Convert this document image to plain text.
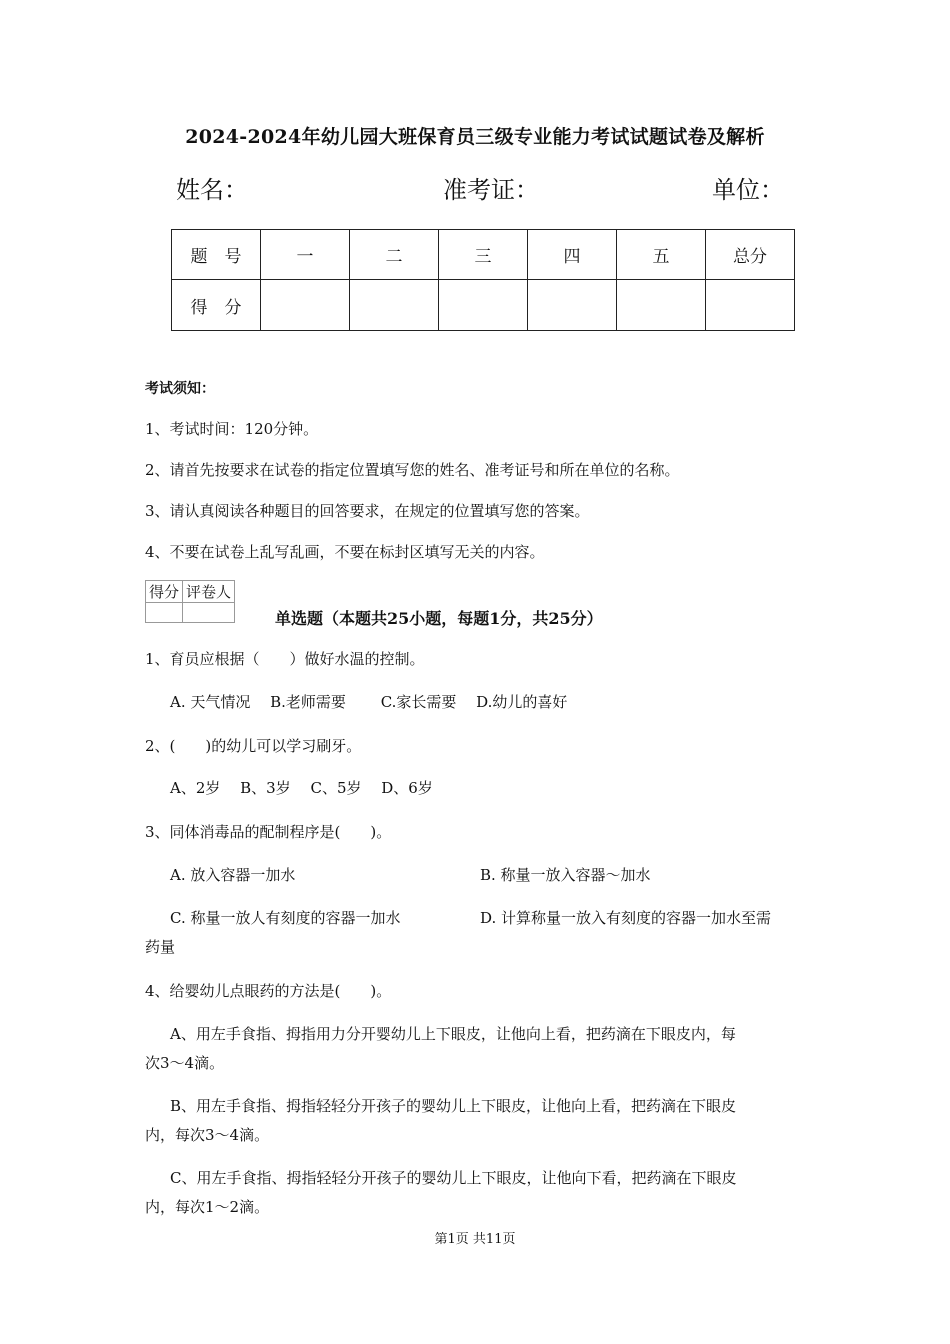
2024-2024年幼儿园大班保育员三级专业能力考试试题试卷及解析
姓名：	准考证：	单位：
题　号	一	二	三	四	五	总分
得　分						
考试须知：
1、考试时间：120分钟。
2、请首先按要求在试卷的指定位置填写您的姓名、准考证号和所在单位的名称。
3、请认真阅读各种题目的回答要求，在规定的位置填写您的答案。
4、不要在试卷上乱写乱画，不要在标封区填写无关的内容。
得分	评卷人

单选题（本题共25小题，每题1分，共25分）
1、育员应根据（　　）做好水温的控制。
A. 天气情况　 B.老师需要　　 C.家长需要　 D.幼儿的喜好
2、(　　)的幼儿可以学习刷牙。
A、2岁　 B、3岁　 C、5岁　 D、6岁
3、同体消毒品的配制程序是(　　)。
A. 放入容器一加水	B. 称量一放入容器～加水
C. 称量一放人有刻度的容器一加水	D. 计算称量一放入有刻度的容器一加水至需
药量
4、给婴幼儿点眼药的方法是(　　)。
A、用左手食指、拇指用力分开婴幼儿上下眼皮，让他向上看，把药滴在下眼皮内，每
次3～4滴。
B、用左手食指、拇指轻轻分开孩子的婴幼儿上下眼皮，让他向上看，把药滴在下眼皮
内，每次3～4滴。
C、用左手食指、拇指轻轻分开孩子的婴幼儿上下眼皮，让他向下看，把药滴在下眼皮
内，每次1～2滴。
第1页 共11页
